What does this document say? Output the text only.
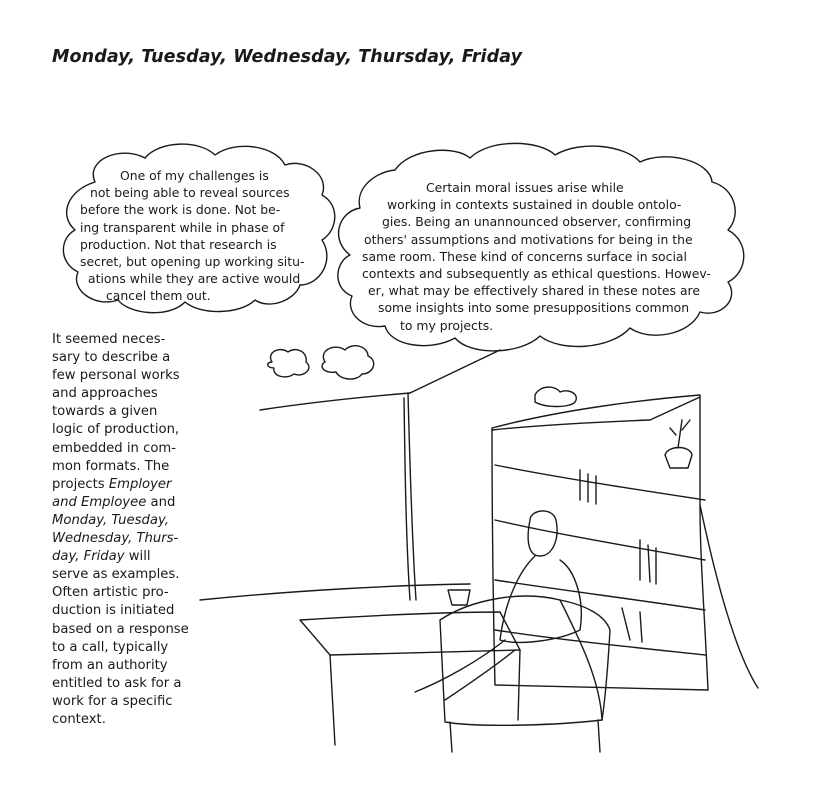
Monday, Tuesday, Wednesday, Thursday, Friday
One of my challenges is
not being able to reveal sources
before the work is done. Not be-
ing transparent while in phase of
production. Not that research is
secret, but opening up working situ-
ations while they are active would
cancel them out.
Certain moral issues arise while
working in contexts sustained in double ontolo-
gies. Being an unannounced observer, confirming
others' assumptions and motivations for being in the
same room. These kind of concerns surface in social
contexts and subsequently as ethical questions. Howev-
er, what may be effectively shared in these notes are
some insights into some presuppositions common
to my projects.
It seemed neces-
sary to describe a
few personal works
and approaches
towards a given
logic of production,
embedded in com-
mon formats. The
projects Employer
and Employee and
Monday, Tuesday,
Wednesday, Thurs-
day, Friday will
serve as examples.
Often artistic pro-
duction is initiated
based on a response
to a call, typically
from an authority
entitled to ask for a
work for a specific
context.
